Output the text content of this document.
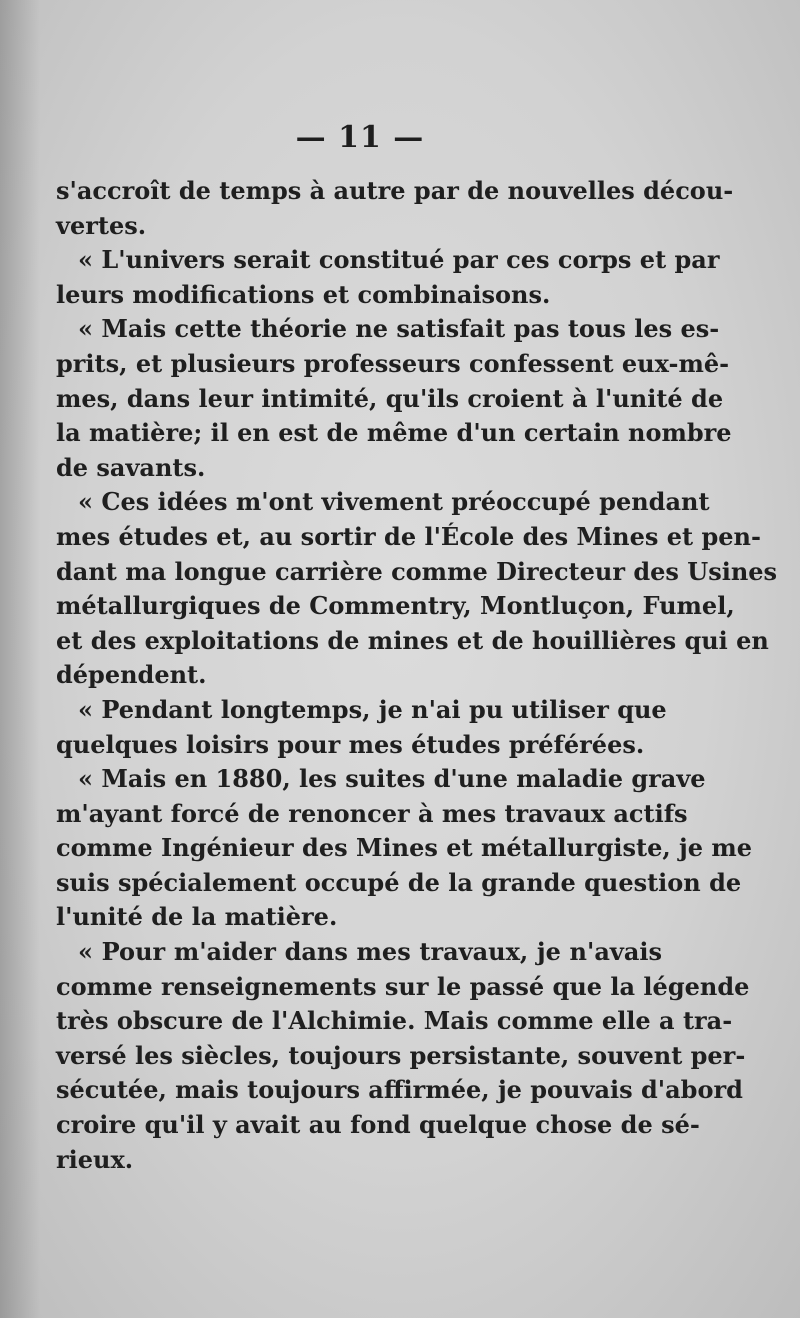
— 11 —
s'accroît de temps à autre par de nouvelles décou-
vertes.
« L'univers serait constitué par ces corps et par
leurs modifications et combinaisons.
« Mais cette théorie ne satisfait pas tous les es-
prits, et plusieurs professeurs confessent eux-mê-
mes, dans leur intimité, qu'ils croient à l'unité de
la matière; il en est de même d'un certain nombre
de savants.
« Ces idées m'ont vivement préoccupé pendant
mes études et, au sortir de l'École des Mines et pen-
dant ma longue carrière comme Directeur des Usines
métallurgiques de Commentry, Montluçon, Fumel,
et des exploitations de mines et de houillières qui en
dépendent.
« Pendant longtemps, je n'ai pu utiliser que
quelques loisirs pour mes études préférées.
« Mais en 1880, les suites d'une maladie grave
m'ayant forcé de renoncer à mes travaux actifs
comme Ingénieur des Mines et métallurgiste, je me
suis spécialement occupé de la grande question de
l'unité de la matière.
« Pour m'aider dans mes travaux, je n'avais
comme renseignements sur le passé que la légende
très obscure de l'Alchimie. Mais comme elle a tra-
versé les siècles, toujours persistante, souvent per-
sécutée, mais toujours affirmée, je pouvais d'abord
croire qu'il y avait au fond quelque chose de sé-
rieux.
